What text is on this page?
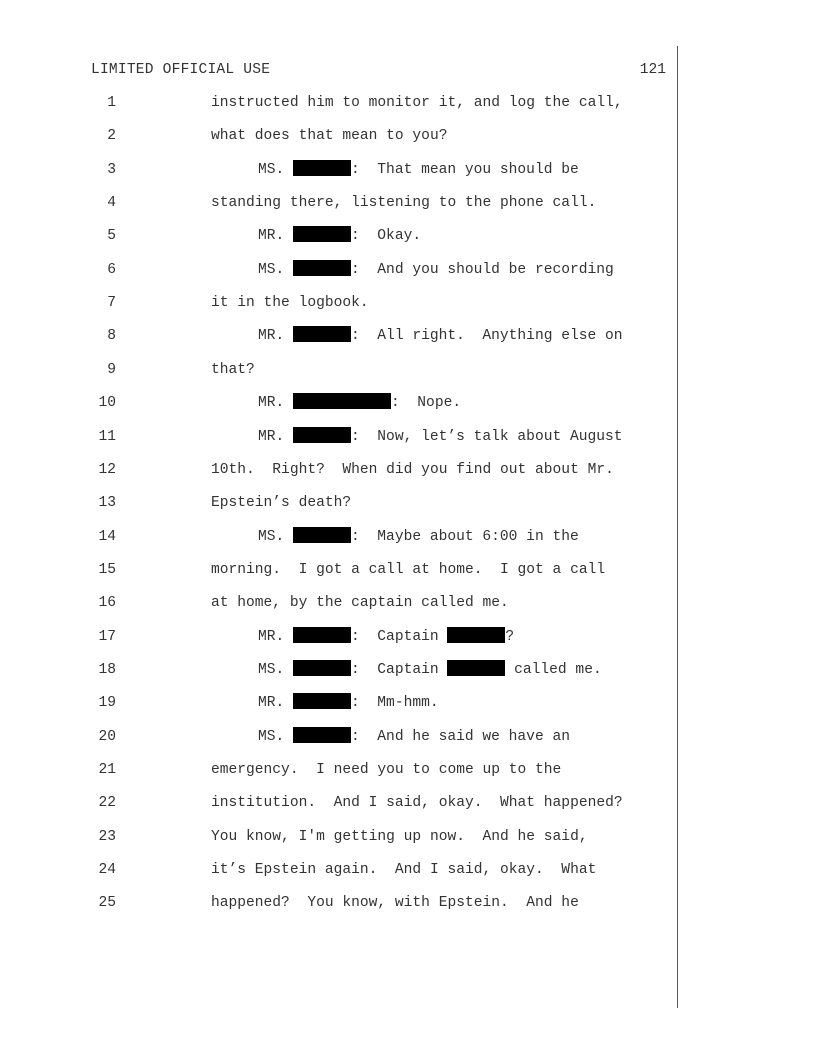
LIMITED OFFICIAL USE	121
1	instructed him to monitor it, and log the call,
2	what does that mean to you?
3	MS.	:  That mean you should be
4	standing there, listening to the phone call.
5	MR.	:  Okay.
6	MS.	:  And you should be recording
7	it in the logbook.
8	MR.	:  All right.  Anything else on
9	that?
10	MR.	:  Nope.
11	MR.	:  Now, let’s talk about August
12	10th.  Right?  When did you find out about Mr.
13	Epstein’s death?
14	MS.	:  Maybe about 6:00 in the
15	morning.  I got a call at home.  I got a call
16	at home, by the captain called me.
17	MR.	:  Captain	?
18	MS.	:  Captain	called me.
19	MR.	:  Mm-hmm.
20	MS.	:  And he said we have an
21	emergency.  I need you to come up to the
22	institution.  And I said, okay.  What happened?
23	You know, I'm getting up now.  And he said,
24	it’s Epstein again.  And I said, okay.  What
25	happened?  You know, with Epstein.  And he
